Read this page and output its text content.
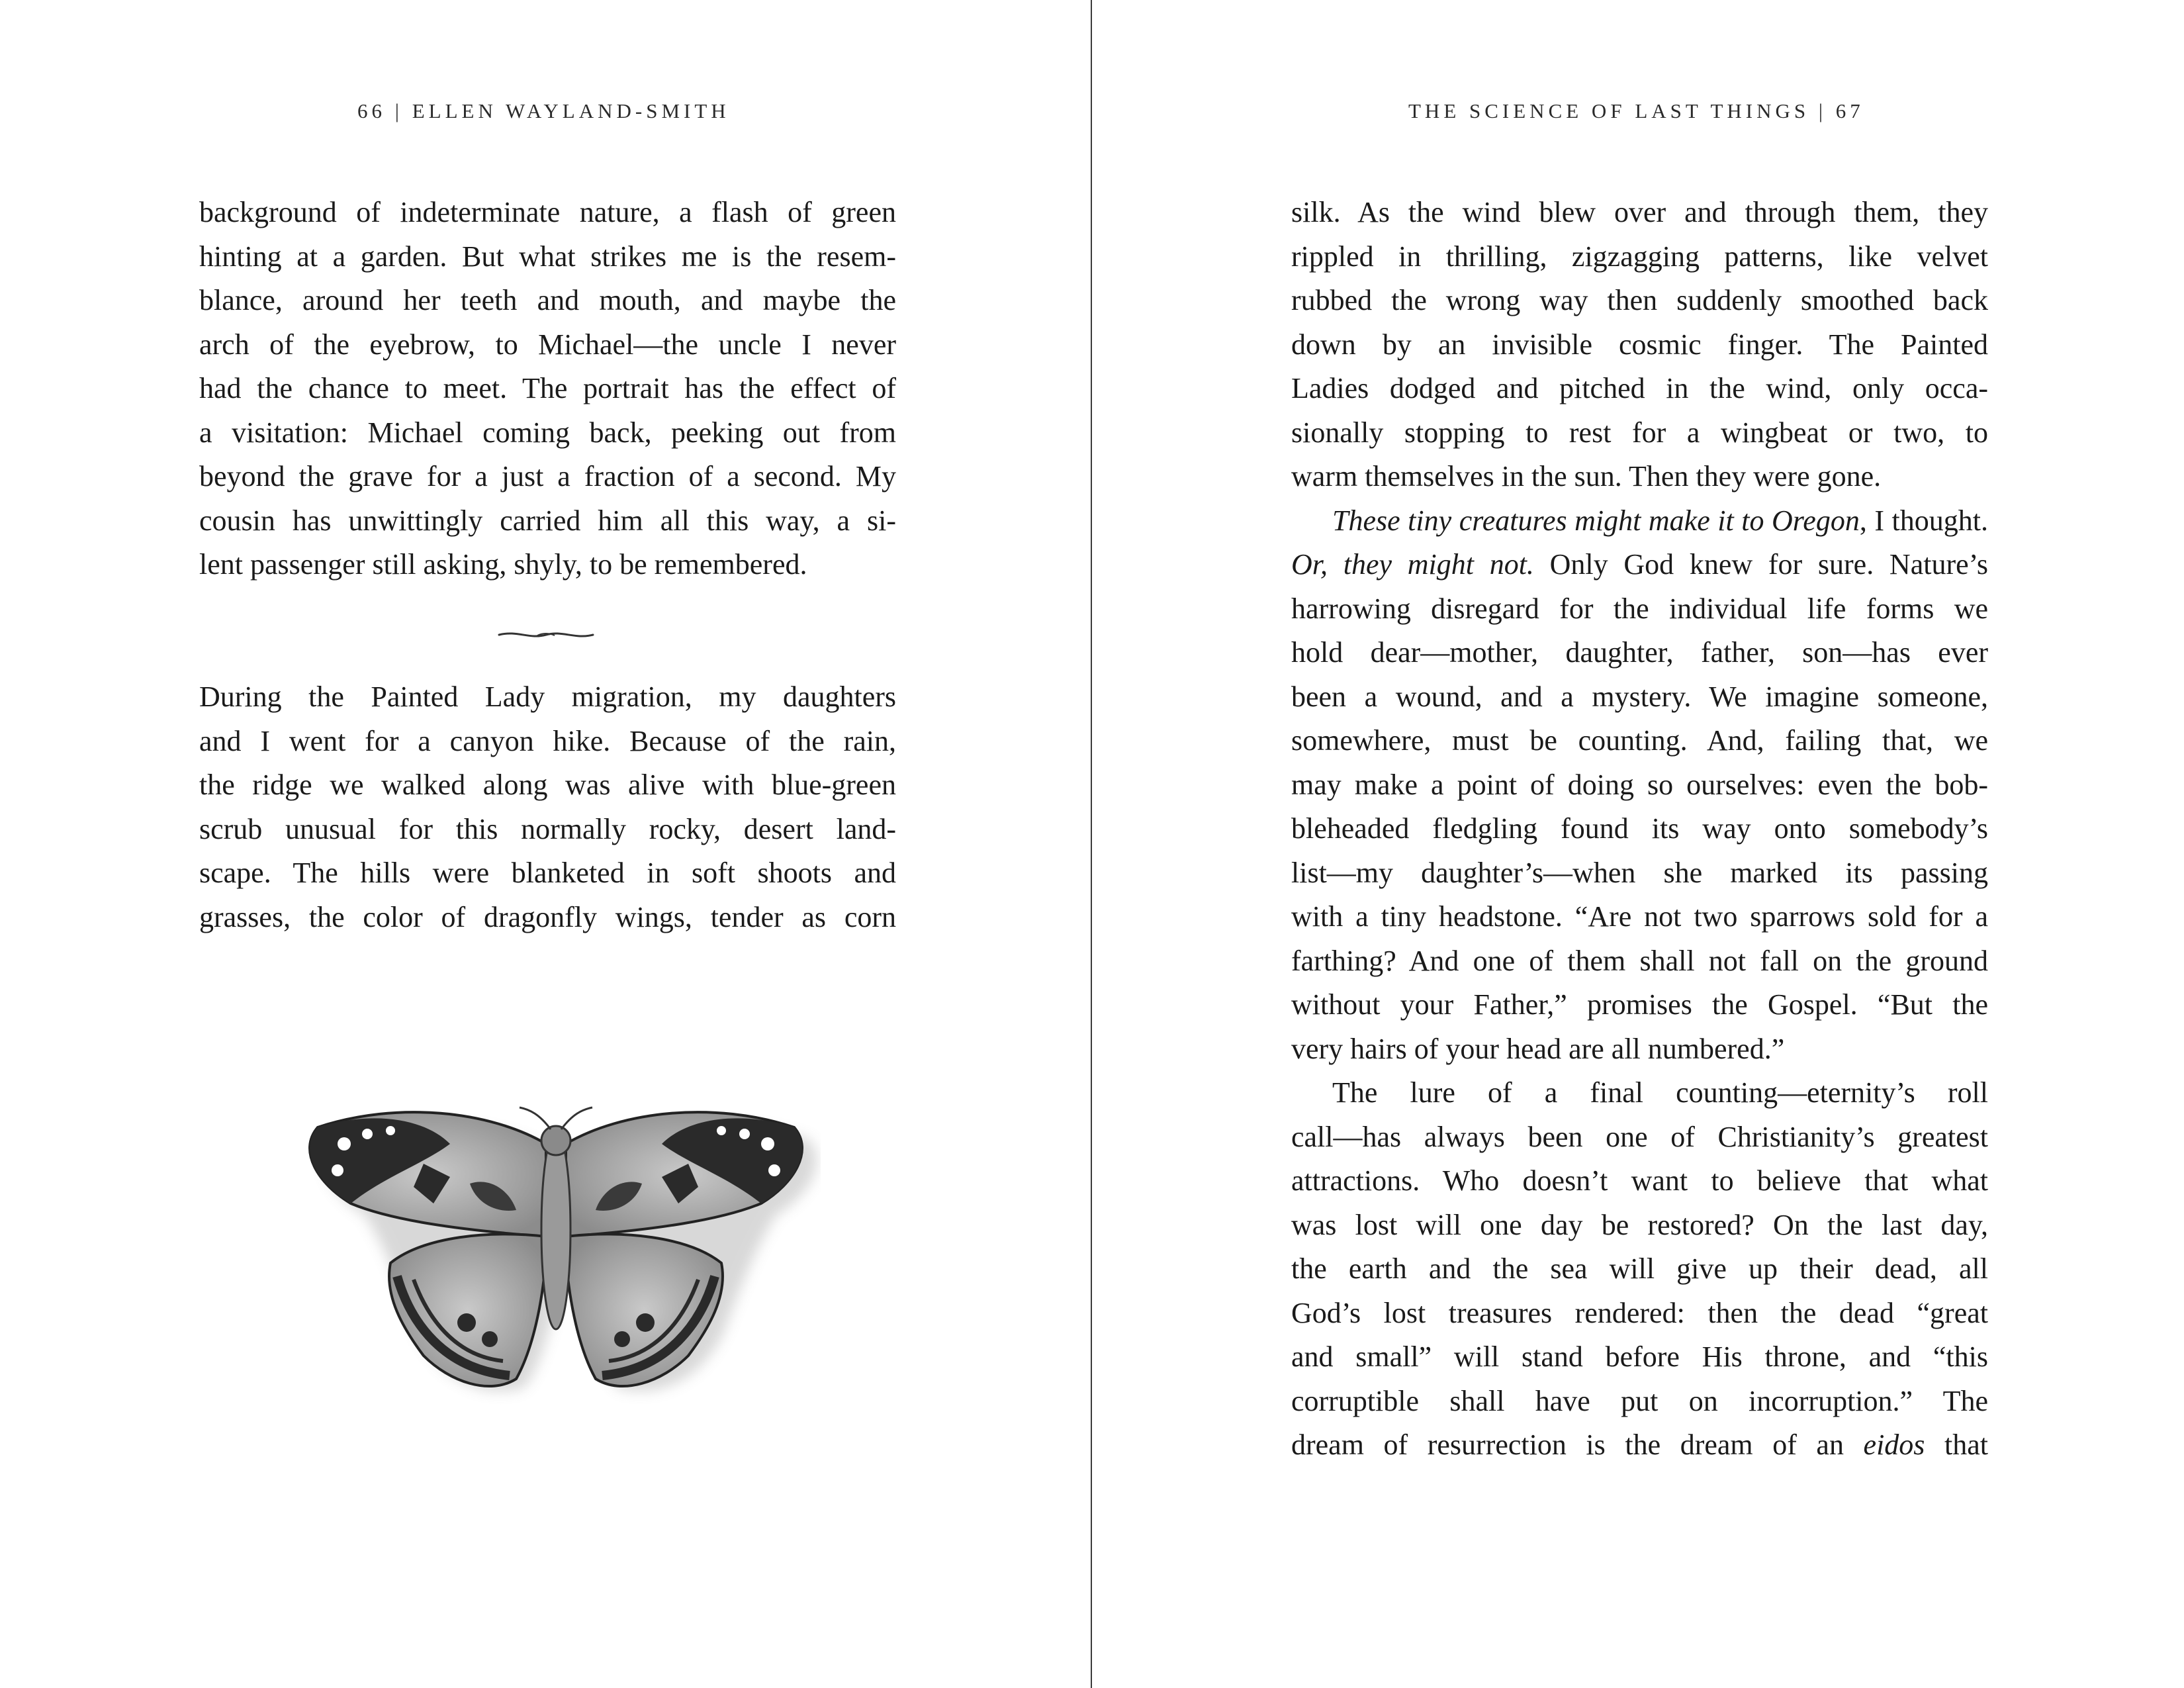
66 | ELLEN WAYLAND-SMITH
background of indeterminate nature, a flash of green
hinting at a garden. But what strikes me is the resem-
blance, around her teeth and mouth, and maybe the
arch of the eyebrow, to Michael—the uncle I never
had the chance to meet. The portrait has the effect of
a visitation: Michael coming back, peeking out from
beyond the grave for a just a fraction of a second. My
cousin has unwittingly carried him all this way, a si-
lent passenger still asking, shyly, to be remembered.
During the Painted Lady migration, my daughters
and I went for a canyon hike. Because of the rain,
the ridge we walked along was alive with blue-green
scrub unusual for this normally rocky, desert land-
scape. The hills were blanketed in soft shoots and
grasses, the color of dragonfly wings, tender as corn
THE SCIENCE OF LAST THINGS | 67
silk. As the wind blew over and through them, they
rippled in thrilling, zigzagging patterns, like velvet
rubbed the wrong way then suddenly smoothed back
down by an invisible cosmic finger. The Painted
Ladies dodged and pitched in the wind, only occa-
sionally stopping to rest for a wingbeat or two, to
warm themselves in the sun. Then they were gone.
These tiny creatures might make it to Oregon, I thought.
Or, they might not. Only God knew for sure. Nature’s
harrowing disregard for the individual life forms we
hold dear—mother, daughter, father, son—has ever
been a wound, and a mystery. We imagine someone,
somewhere, must be counting. And, failing that, we
may make a point of doing so ourselves: even the bob-
bleheaded fledgling found its way onto somebody’s
list—my daughter’s—when she marked its passing
with a tiny headstone. “Are not two sparrows sold for a
farthing? And one of them shall not fall on the ground
without your Father,” promises the Gospel. “But the
very hairs of your head are all numbered.”
The lure of a final counting—eternity’s roll
call—has always been one of Christianity’s greatest
attractions. Who doesn’t want to believe that what
was lost will one day be restored? On the last day,
the earth and the sea will give up their dead, all
God’s lost treasures rendered: then the dead “great
and small” will stand before His throne, and “this
corruptible shall have put on incorruption.” The
dream of resurrection is the dream of an eidos that
